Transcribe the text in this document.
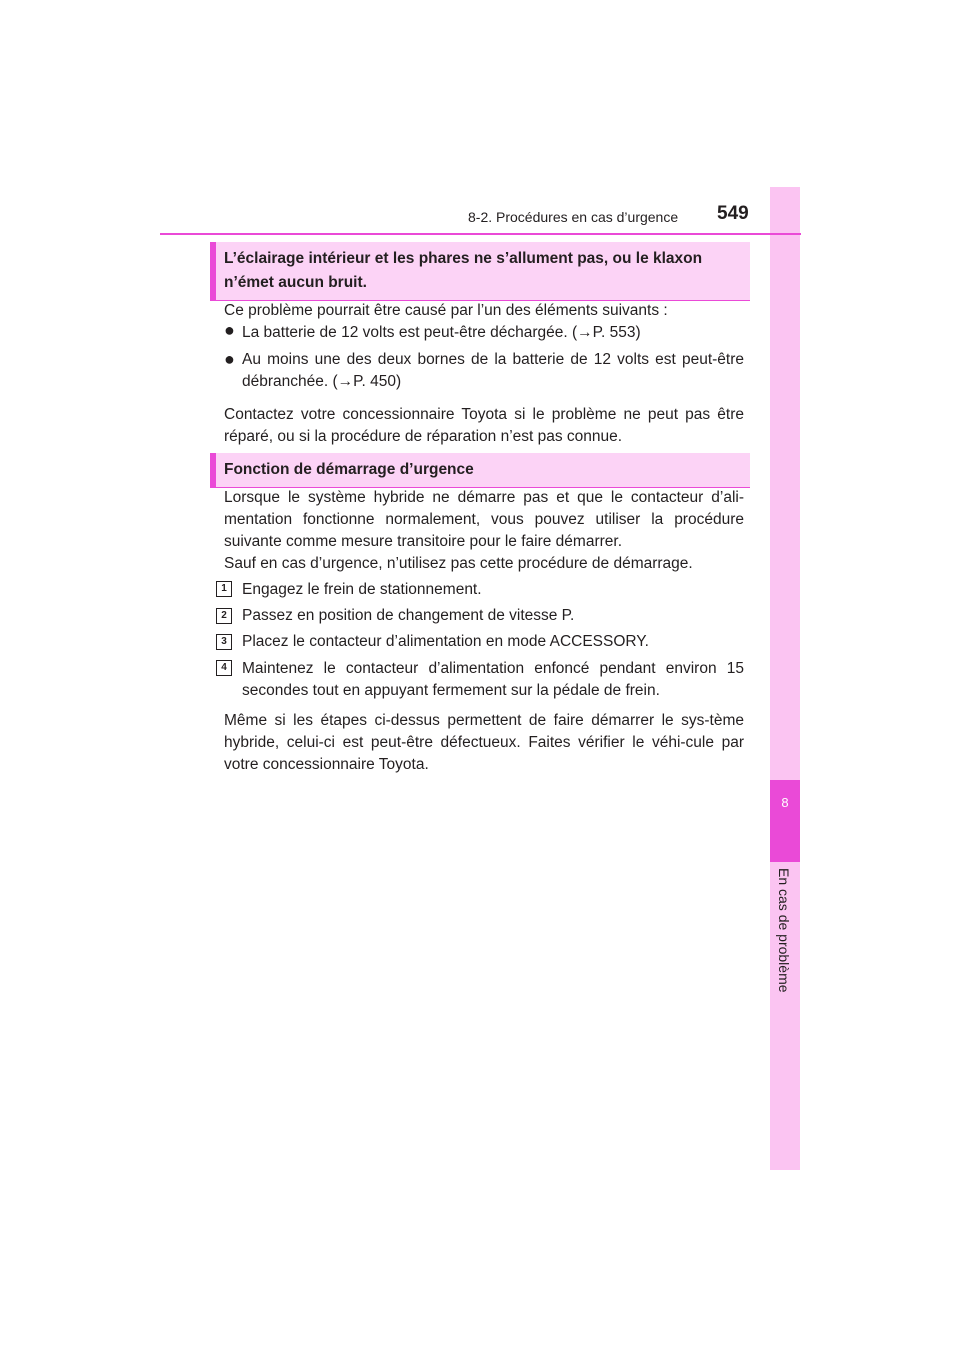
8
En cas de problème
8-2. Procédures en cas d’urgence 549
L’éclairage intérieur et les phares ne s’allument pas, ou le klaxon n’émet aucun bruit.
Ce problème pourrait être causé par l’un des éléments suivants :
● La batterie de 12 volts est peut-être déchargée. (→P. 553)
● Au moins une des deux bornes de la batterie de 12 volts est peut-être débranchée. (→P. 450)
Contactez votre concessionnaire Toyota si le problème ne peut pas être réparé, ou si la procédure de réparation n’est pas connue.
Fonction de démarrage d’urgence
Lorsque le système hybride ne démarre pas et que le contacteur d’ali-mentation fonctionne normalement, vous pouvez utiliser la procédure suivante comme mesure transitoire pour le faire démarrer.
Sauf en cas d’urgence, n’utilisez pas cette procédure de démarrage.
1 Engagez le frein de stationnement.
2 Passez en position de changement de vitesse P.
3 Placez le contacteur d’alimentation en mode ACCESSORY.
4 Maintenez le contacteur d’alimentation enfoncé pendant environ 15 secondes tout en appuyant fermement sur la pédale de frein.
Même si les étapes ci-dessus permettent de faire démarrer le sys-tème hybride, celui-ci est peut-être défectueux. Faites vérifier le véhi-cule par votre concessionnaire Toyota.
